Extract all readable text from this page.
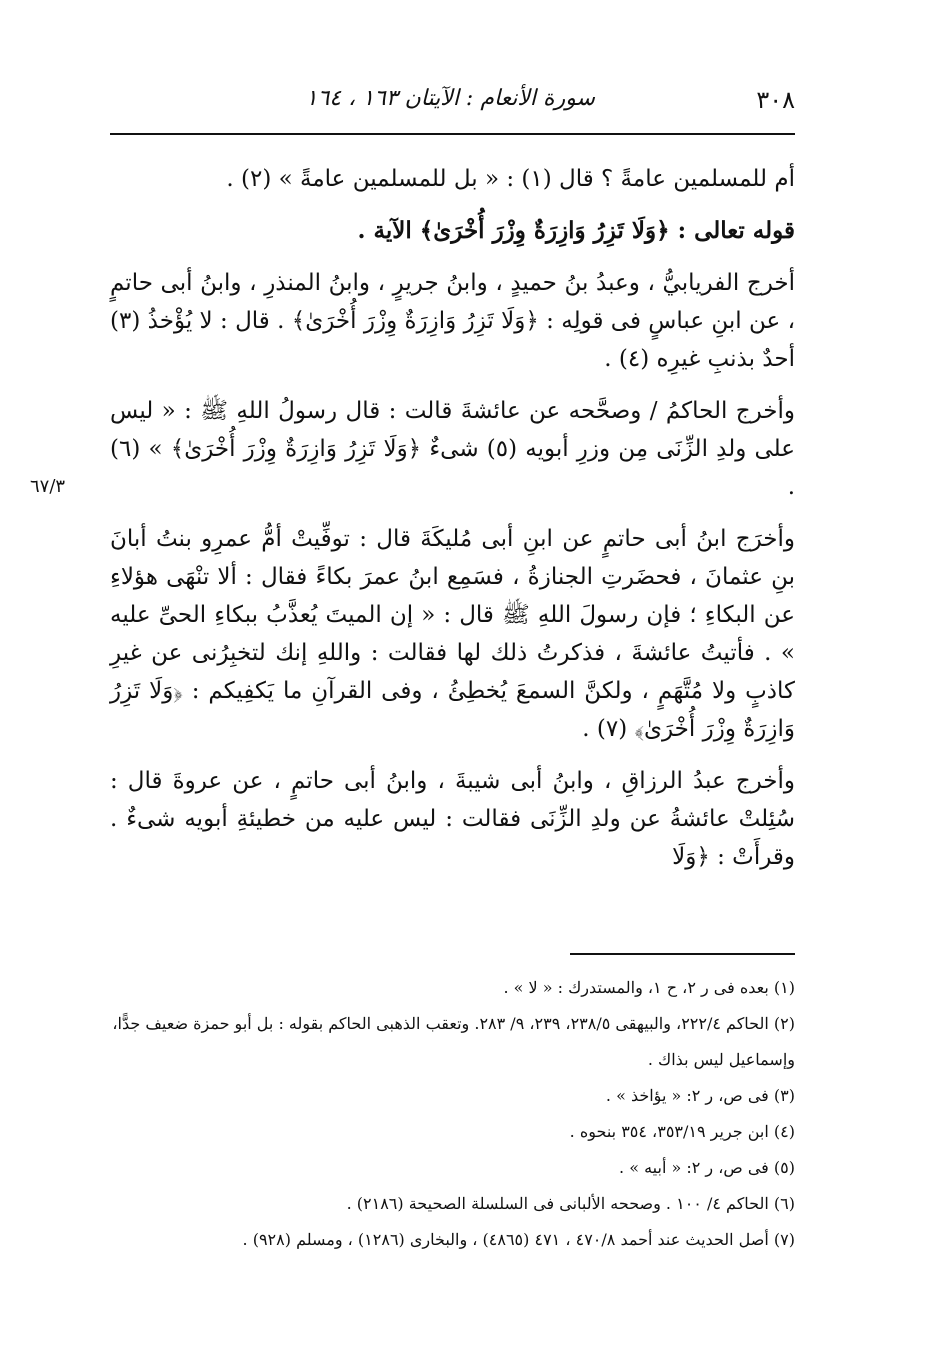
٣٠٨
سورة الأنعام : الآيتان ١٦٣ ، ١٦٤
٦٧/٣

أم للمسلمين عامةً ؟ قال (١) : « بل للمسلمين عامةً » (٢) .

قوله تعالى : ﴿وَلَا تَزِرُ وَازِرَةٌ وِزْرَ أُخْرَىٰ﴾ الآية .

أخرج الفريابيُّ ، وعبدُ بنُ حميدٍ ، وابنُ جريرٍ ، وابنُ المنذرِ ، وابنُ أبى حاتمٍ ، عن ابنِ عباسٍ فى قولِه : ﴿وَلَا تَزِرُ وَازِرَةٌ وِزْرَ أُخْرَىٰ﴾ . قال : لا يُؤْخذُ (٣) أحدٌ بذنبِ غيرِه (٤) .

وأخرج الحاكمُ / وصحَّحه عن عائشةَ قالت : قال رسولُ اللهِ ﷺ : « ليس على ولدِ الزِّنَى مِن وزرِ أبويه (٥) شىءٌ ﴿وَلَا تَزِرُ وَازِرَةٌ وِزْرَ أُخْرَىٰ﴾ » (٦) .

وأخرَج ابنُ أبى حاتمٍ عن ابنِ أبى مُليكَةَ قال : توفِّيتْ أمُّ عمرِو بنتُ أبانَ بنِ عثمانَ ، فحضَرتِ الجنازةُ ، فسَمِع ابنُ عمرَ بكاءً فقال : ألا تنْهَى هؤلاءِ عن البكاءِ ؛ فإن رسولَ اللهِ ﷺ قال : « إن الميتَ يُعذَّبُ ببكاءِ الحىِّ عليه » . فأتيتُ عائشةَ ، فذكرتُ ذلك لها فقالت : واللهِ إنك لتخبِرُنى عن غيرِ كاذبٍ ولا مُتَّهَمٍ ، ولكنَّ السمعَ يُخطِئُ ، وفى القرآنِ ما يَكفِيكم : ﴿وَلَا تَزِرُ وَازِرَةٌ وِزْرَ أُخْرَىٰ﴾ (٧) .

وأخرج عبدُ الرزاقِ ، وابنُ أبى شيبةَ ، وابنُ أبى حاتمٍ ، عن عروةَ قال : سُئِلتْ عائشةُ عن ولدِ الزِّنَى فقالت : ليس عليه من خطيئةِ أبويه شىءٌ . وقرأَتْ : ﴿وَلَا

(١) بعده فى ر ٢، ح ١، والمستدرك : « لا » .

(٢) الحاكم ٢٢٢/٤، والبيهقى ٢٣٨/٥، ٢٣٩، ٩/ ٢٨٣. وتعقب الذهبى الحاكم بقوله : بل أبو حمزة ضعيف جدًّا، وإسماعيل ليس بذاك .

(٣) فى ص، ر ٢: « يؤاخذ » .

(٤) ابن جرير ٣٥٣/١٩، ٣٥٤ بنحوه .

(٥) فى ص، ر ٢: « أبيه » .

(٦) الحاكم ٤/ ١٠٠ . وصححه الألبانى فى السلسلة الصحيحة (٢١٨٦) .

(٧) أصل الحديث عند أحمد ٤٧٠/٨ ، ٤٧١ (٤٨٦٥) ، والبخارى (١٢٨٦) ، ومسلم (٩٢٨) .
